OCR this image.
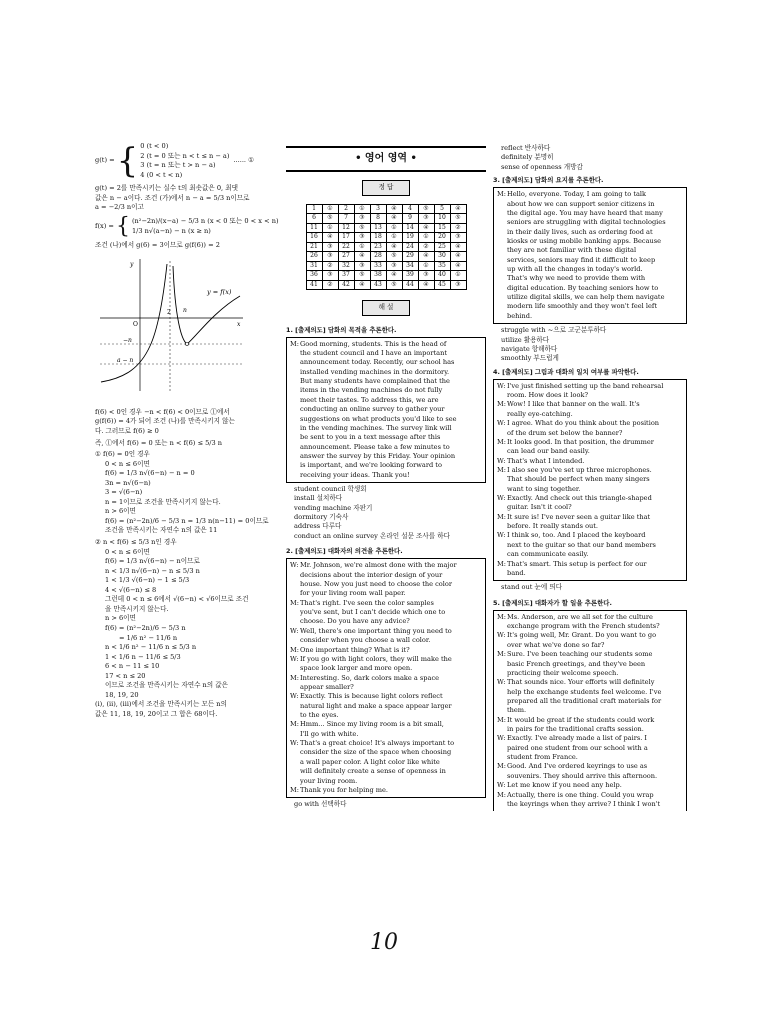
g(t) = { 0 (t < 0)

2 (t = 0 또는 n < t ≤ n − a)

3 (t = n 또는 t > n − a)

4 (0 < t < n)

...... ①

g(t) = 2를 만족시키는 실수 t의 최솟값은 0, 최댓

값은 n − a이다. 조건 (가)에서 n − a = 5/3 n이므로

a = −2/3 n이고

f(x) = { (n²−2n)/(x−a) − 5/3 n (x < 0 또는 0 < x < n)

1/3 n√(a−n) − n (x ≥ n)

조건 (나)에서 g(6) = 3이므로 g(f(6)) = 2

y = f(x)
y
O
2 n
x
−n
a − n

f(6) < 0인 경우 −n < f(6) < 0이므로 ①에서

g(f(6)) = 4가 되어 조건 (나)를 만족시키지 않는

다. 그러므로 f(6) ≥ 0

즉, ①에서 f(6) = 0 또는 n < f(6) ≤ 5/3 n

① f(6) = 0인 경우

0 < n ≤ 6이면

f(6) = 1/3 n√(6−n) − n = 0

3n = n√(6−n)

3 = √(6−n)

n = 1이므로 조건을 만족시키지 않는다.

n > 6이면

f(6) = (n²−2n)/6 − 5/3 n = 1/3 n(n−11) = 0이므로

조건을 만족시키는 자연수 n의 값은 11

② n < f(6) ≤ 5/3 n인 경우

0 < n ≤ 6이면

f(6) = 1/3 n√(6−n) − n이므로

n < 1/3 n√(6−n) − n ≤ 5/3 n

1 < 1/3 √(6−n) − 1 ≤ 5/3

4 < √(6−n) ≤ 8

그런데 0 < n ≤ 6에서 √(6−n) < √6이므로 조건

을 만족시키지 않는다.

n > 6이면

f(6) = (n²−2n)/6 − 5/3 n

= 1/6 n² − 11/6 n

n < 1/6 n² − 11/6 n ≤ 5/3 n

1 < 1/6 n − 11/6 ≤ 5/3

6 < n − 11 ≤ 10

17 < n ≤ 20

이므로 조건을 만족시키는 자연수 n의 값은

18, 19, 20

(ⅰ), (ⅱ), (ⅲ)에서 조건을 만족시키는 모든 n의

값은 11, 18, 19, 20이고 그 합은 68이다.

• 영어 영역 •
정 답
1	①	2	①	3	④	4	⑤	5	④
6	⑤	7	③	8	④	9	③	10	⑤
11	①	12	⑤	13	①	14	④	15	②
16	④	17	③	18	①	19	①	20	③
21	③	22	①	23	④	24	②	25	④
26	③	27	④	28	⑤	29	④	30	④
31	②	32	③	33	③	34	①	35	④
36	③	37	⑤	38	④	39	③	40	①
41	②	42	④	43	⑤	44	④	45	③
해 설

1. [출제의도] 담화의 목적을 추론한다.

M: Good morning, students. This is the head of
the student council and I have an important
announcement today. Recently, our school has
installed vending machines in the dormitory.
But many students have complained that the
items in the vending machines do not fully
meet their tastes. To address this, we are
conducting an online survey to gather your
suggestions on what products you'd like to see
in the vending machines. The survey link will
be sent to you in a text message after this
announcement. Please take a few minutes to
answer the survey by this Friday. Your opinion
is important, and we're looking forward to
receiving your ideas. Thank you!

student council 학생회

install 설치하다

vending machine 자판기

dormitory 기숙사

address 다루다

conduct an online survey 온라인 설문 조사를 하다

2. [출제의도] 대화자의 의견을 추론한다.

W: Mr. Johnson, we're almost done with the major
decisions about the interior design of your
house. Now you just need to choose the color
for your living room wall paper.
M: That's right. I've seen the color samples
you've sent, but I can't decide which one to
choose. Do you have any advice?
W: Well, there's one important thing you need to
consider when you choose a wall color.
M: One important thing? What is it?
W: If you go with light colors, they will make the
space look larger and more open.
M: Interesting. So, dark colors make a space
appear smaller?
W: Exactly. This is because light colors reflect
natural light and make a space appear larger
to the eyes.
M: Hmm... Since my living room is a bit small,
I'll go with white.
W: That's a great choice! It's always important to
consider the size of the space when choosing
a wall paper color. A light color like white
will definitely create a sense of openness in
your living room.
M: Thank you for helping me.

go with 선택하다

reflect 반사하다

definitely 분명히

sense of openness 개방감

3. [출제의도] 담화의 요지를 추론한다.

M: Hello, everyone. Today, I am going to talk
about how we can support senior citizens in
the digital age. You may have heard that many
seniors are struggling with digital technologies
in their daily lives, such as ordering food at
kiosks or using mobile banking apps. Because
they are not familiar with these digital
services, seniors may find it difficult to keep
up with all the changes in today's world.
That's why we need to provide them with
digital education. By teaching seniors how to
utilize digital skills, we can help them navigate
modern life smoothly and they won't feel left
behind.

struggle with ~으로 고군분투하다

utilize 활용하다

navigate 항해하다

smoothly 부드럽게

4. [출제의도] 그림과 대화의 일치 여부를 파악한다.

W: I've just finished setting up the band rehearsal
room. How does it look?
M: Wow! I like that banner on the wall. It's
really eye-catching.
W: I agree. What do you think about the position
of the drum set below the banner?
M: It looks good. In that position, the drummer
can lead our band easily.
W: That's what I intended.
M: I also see you've set up three microphones.
That should be perfect when many singers
want to sing together.
W: Exactly. And check out this triangle-shaped
guitar. Isn't it cool?
M: It sure is! I've never seen a guitar like that
before. It really stands out.
W: I think so, too. And I placed the keyboard
next to the guitar so that our band members
can communicate easily.
M: That's smart. This setup is perfect for our
band.

stand out 눈에 띄다

5. [출제의도] 대화자가 할 일을 추론한다.

M: Ms. Anderson, are we all set for the culture
exchange program with the French students?
W: It's going well, Mr. Grant. Do you want to go
over what we've done so far?
M: Sure. I've been teaching our students some
basic French greetings, and they've been
practicing their welcome speech.
W: That sounds nice. Your efforts will definitely
help the exchange students feel welcome. I've
prepared all the traditional craft materials for
them.
M: It would be great if the students could work
in pairs for the traditional crafts session.
W: Exactly. I've already made a list of pairs. I
paired one student from our school with a
student from France.
M: Good. And I've ordered keyrings to use as
souvenirs. They should arrive this afternoon.
W: Let me know if you need any help.
M: Actually, there is one thing. Could you wrap
the keyrings when they arrive? I think I won't
10
